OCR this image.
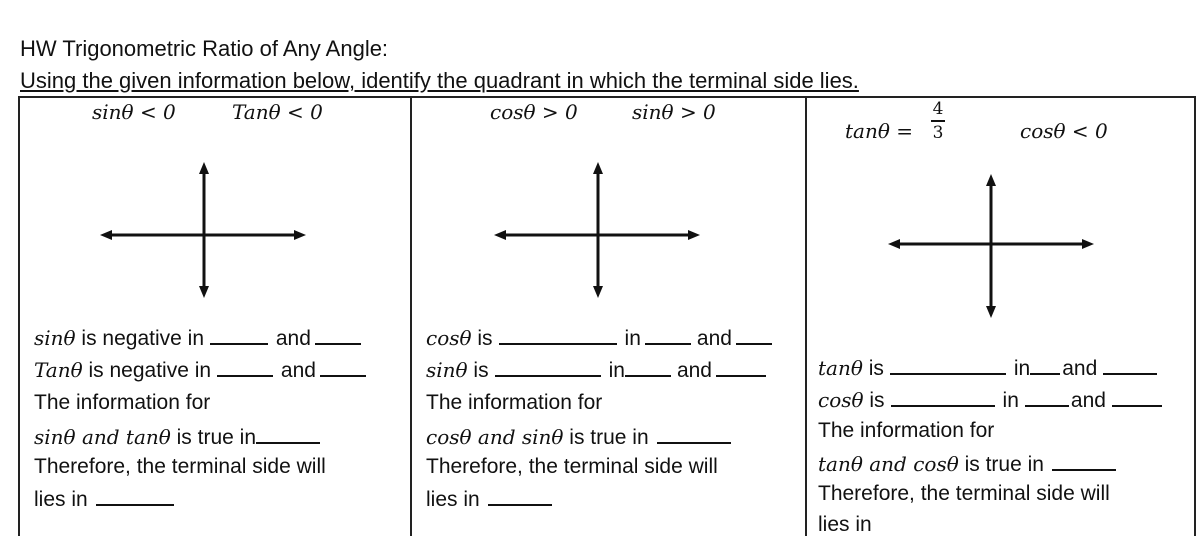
HW Trigonometric Ratio of Any Angle:
Using the given information below, identify the quadrant in which the terminal side lies.
sinθ < 0	Tanθ < 0
sinθ is negative in	and
Tanθ is negative in	and
The information for
sinθ and tanθ is true in
Therefore, the terminal side will
lies in
cosθ > 0	sinθ > 0
cosθ is	in	and
sinθ is	in and
The information for
cosθ and sinθ is true in
Therefore, the terminal side will
lies in
tanθ =
4
3	cosθ < 0
tanθ is	in and
cosθ is	in and
The information for
tanθ and cosθ is true in
Therefore, the terminal side will
lies in
